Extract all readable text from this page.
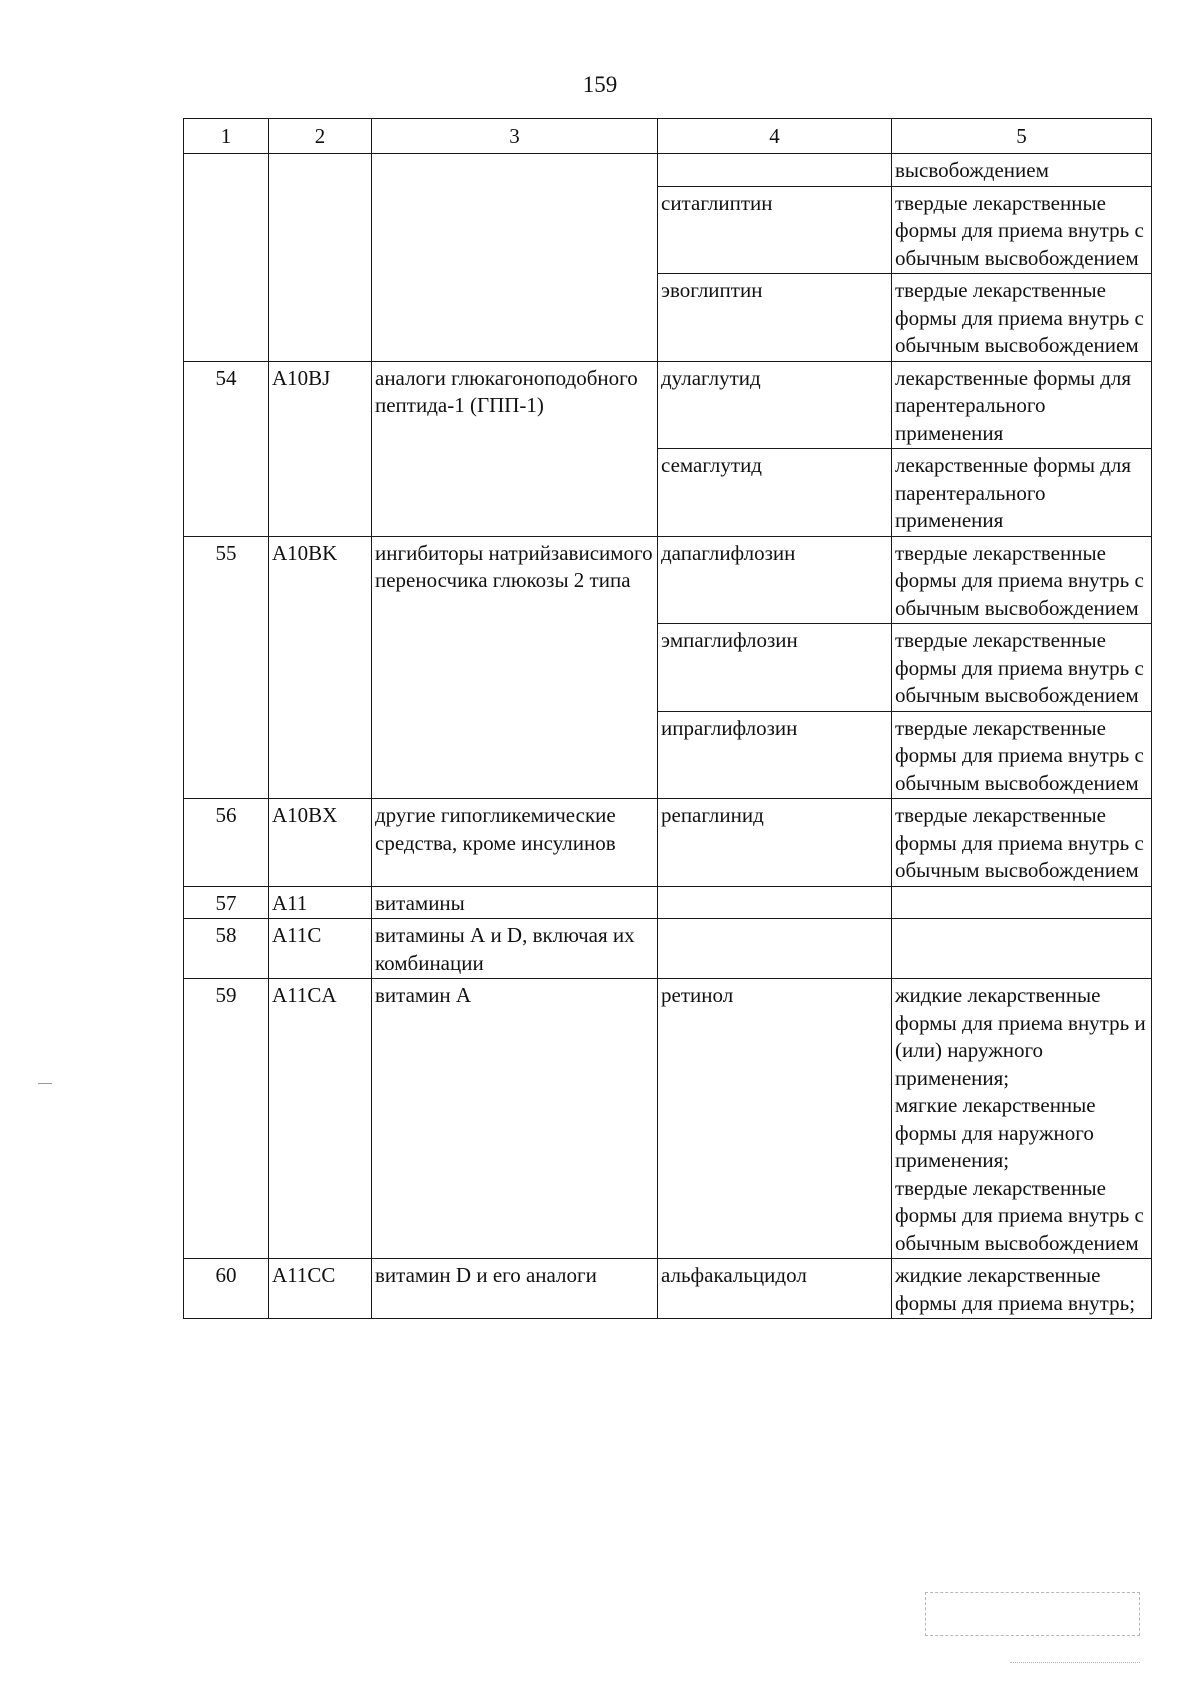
159
1	2	3	4	5
				высвобождением
			ситаглиптин	твердые лекарственные формы для приема внутрь с обычным высвобождением
			эвоглиптин	твердые лекарственные формы для приема внутрь с обычным высвобождением
54	A10BJ	аналоги глюкагоноподобного пептида-1 (ГПП-1)	дулаглутид	лекарственные формы для парентерального применения
			семаглутид	лекарственные формы для парентерального применения
55	A10BK	ингибиторы натрийзависимого переносчика глюкозы 2 типа	дапаглифлозин	твердые лекарственные формы для приема внутрь с обычным высвобождением
			эмпаглифлозин	твердые лекарственные формы для приема внутрь с обычным высвобождением
			ипраглифлозин	твердые лекарственные формы для приема внутрь с обычным высвобождением
56	A10BX	другие гипогликемические средства, кроме инсулинов	репаглинид	твердые лекарственные формы для приема внутрь с обычным высвобождением
57	A11	витамины		
58	A11C	витамины А и D, включая их комбинации		
59	A11CA	витамин А	ретинол	жидкие лекарственные формы для приема внутрь и (или) наружного применения;
мягкие лекарственные формы для наружного применения;
твердые лекарственные формы для приема внутрь с обычным высвобождением
60	A11CC	витамин D и его аналоги	альфакальцидол	жидкие лекарственные формы для приема внутрь;
